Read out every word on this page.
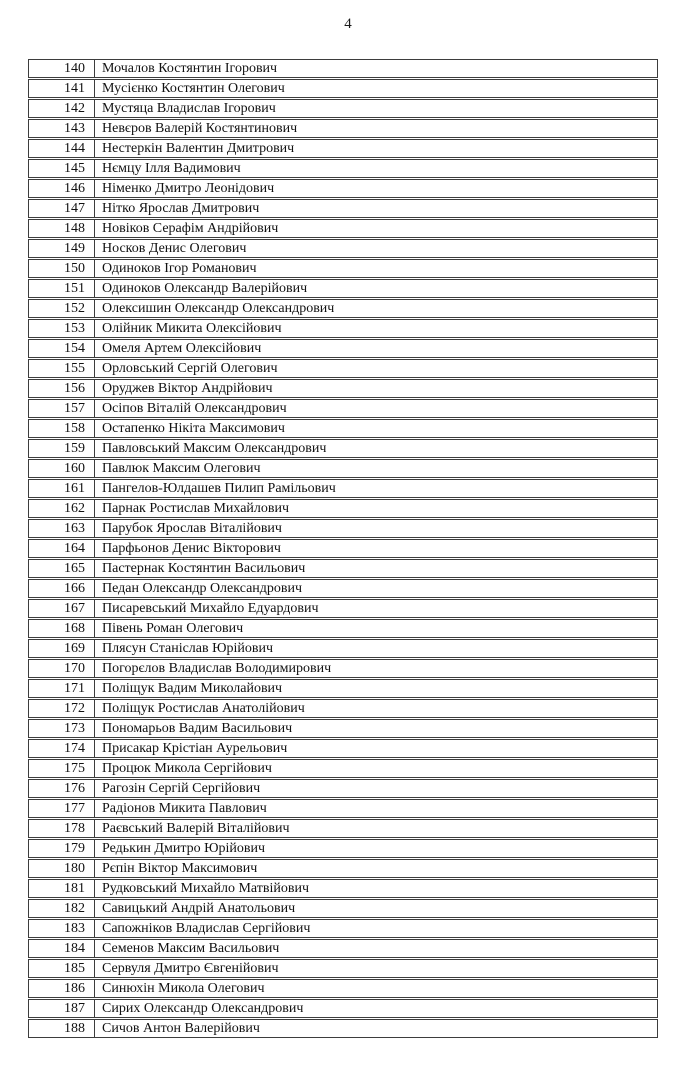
4
140	Мочалов Костянтин Ігорович
141	Мусієнко Костянтин Олегович
142	Мустяца Владислав Ігорович
143	Невєров Валерій Костянтинович
144	Нестеркін Валентин Дмитрович
145	Нємцу Ілля Вадимович
146	Німенко Дмитро Леонідович
147	Нітко Ярослав Дмитрович
148	Новіков Серафім Андрійович
149	Носков Денис Олегович
150	Одиноков Ігор Романович
151	Одиноков Олександр Валерійович
152	Олексишин Олександр Олександрович
153	Олійник Микита Олексійович
154	Омеля Артем Олексійович
155	Орловський Сергій Олегович
156	Оруджев Віктор Андрійович
157	Осіпов Віталій Олександрович
158	Остапенко Нікіта Максимович
159	Павловський Максим Олександрович
160	Павлюк Максим Олегович
161	Пангелов-Юлдашев Пилип Рамільович
162	Парнак Ростислав Михайлович
163	Парубок Ярослав Віталійович
164	Парфьонов Денис Вікторович
165	Пастернак Костянтин Васильович
166	Педан Олександр Олександрович
167	Писаревський Михайло Едуардович
168	Півень Роман Олегович
169	Плясун Станіслав Юрійович
170	Погорєлов Владислав Володимирович
171	Поліщук Вадим Миколайович
172	Поліщук Ростислав Анатолійович
173	Пономарьов Вадим Васильович
174	Присакар Крістіан Аурельович
175	Процюк Микола Сергійович
176	Рагозін Сергій Сергійович
177	Радіонов Микита Павлович
178	Раєвський Валерій Віталійович
179	Редькин Дмитро Юрійович
180	Рєпін Віктор Максимович
181	Рудковський Михайло Матвійович
182	Савицький Андрій Анатольович
183	Сапожніков Владислав Сергійович
184	Семенов Максим Васильович
185	Сервуля Дмитро Євгенійович
186	Синюхін Микола Олегович
187	Сирих Олександр Олександрович
188	Сичов Антон Валерійович
